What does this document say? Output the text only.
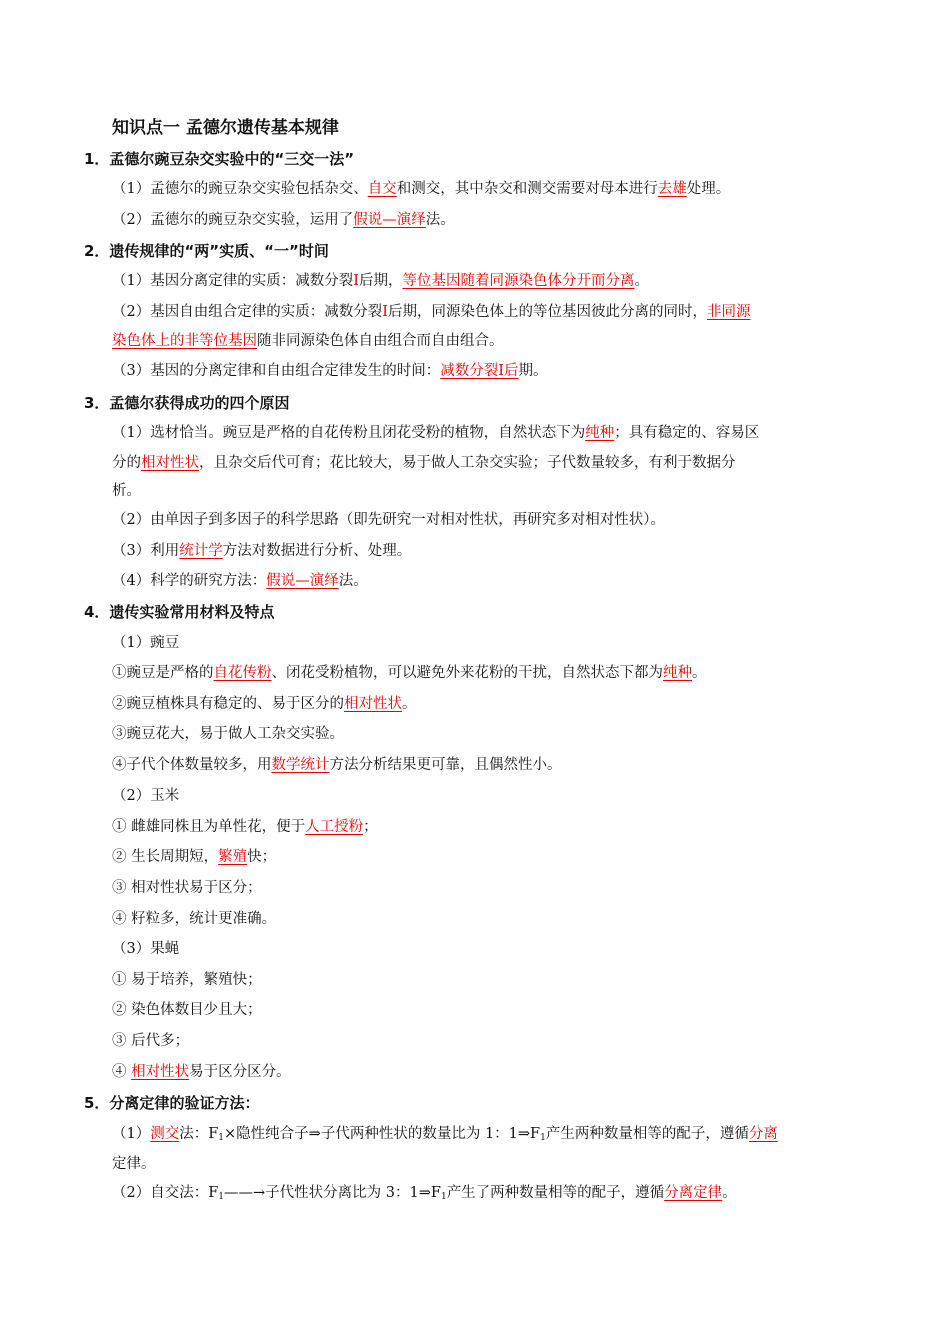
知识点一 孟德尔遗传基本规律
1．孟德尔豌豆杂交实验中的“三交一法”
（1）孟德尔的豌豆杂交实验包括杂交、自交和测交，其中杂交和测交需要对母本进行去雄处理。
（2）孟德尔的豌豆杂交实验，运用了假说—演绎法。
2．遗传规律的“两”实质、“一”时间
（1）基因分离定律的实质：减数分裂Ⅰ后期，等位基因随着同源染色体分开而分离。
（2）基因自由组合定律的实质：减数分裂Ⅰ后期，同源染色体上的等位基因彼此分离的同时，非同源
染色体上的非等位基因随非同源染色体自由组合而自由组合。
（3）基因的分离定律和自由组合定律发生的时间：减数分裂Ⅰ后期。
3．孟德尔获得成功的四个原因
（1）选材恰当。豌豆是严格的自花传粉且闭花受粉的植物，自然状态下为纯种；具有稳定的、容易区
分的相对性状，且杂交后代可育；花比较大，易于做人工杂交实验；子代数量较多，有利于数据分
析。
（2）由单因子到多因子的科学思路（即先研究一对相对性状，再研究多对相对性状）。
（3）利用统计学方法对数据进行分析、处理。
（4）科学的研究方法：假说—演绎法。
4．遗传实验常用材料及特点
（1）豌豆
①豌豆是严格的自花传粉、闭花受粉植物，可以避免外来花粉的干扰，自然状态下都为纯种。
②豌豆植株具有稳定的、易于区分的相对性状。
③豌豆花大，易于做人工杂交实验。
④子代个体数量较多，用数学统计方法分析结果更可靠，且偶然性小。
（2）玉米
① 雌雄同株且为单性花，便于人工授粉；
② 生长周期短，繁殖快；
③ 相对性状易于区分；
④ 籽粒多，统计更准确。
（3）果蝇
① 易于培养，繁殖快；
② 染色体数目少且大；
③ 后代多；
④ 相对性状易于区分区分。
5．分离定律的验证方法：
（1）测交法：$F_1\times$隐性纯合子⇒子代两种性状的数量比为 1：$1\Rightarrow F_1$产生两种数量相等的配子，遵循分离
定律。
（2）自交法：$F_1——\to$子代性状分离比为 3：$1\Rightarrow F_1$产生了两种数量相等的配子，遵循分离定律。
